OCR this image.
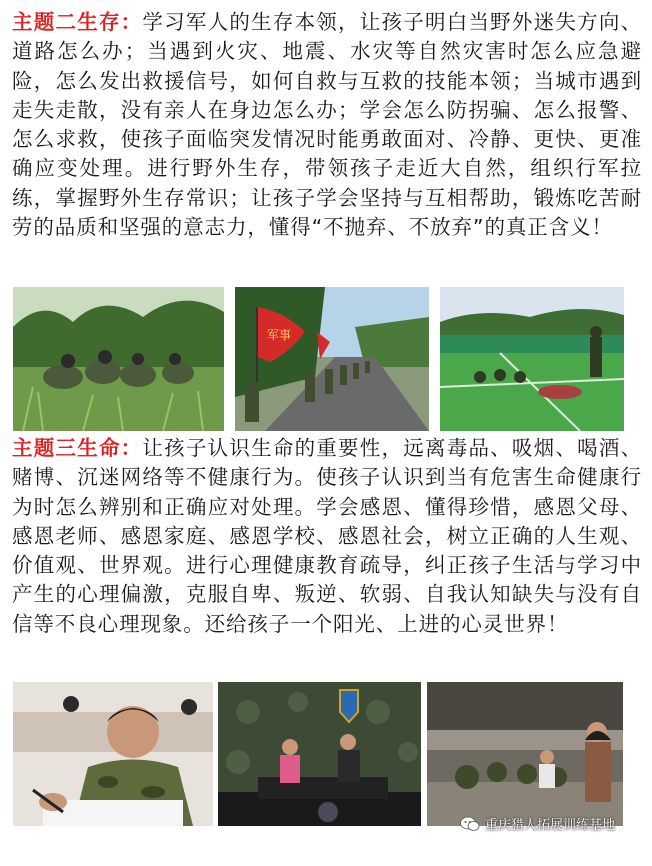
主题二生存：学习军人的生存本领，让孩子明白当野外迷失方向、道路怎么办；当遇到火灾、地震、水灾等自然灾害时怎么应急避险，怎么发出救援信号，如何自救与互救的技能本领；当城市遇到走失走散，没有亲人在身边怎么办；学会怎么防拐骗、怎么报警、怎么求救，使孩子面临突发情况时能勇敢面对、冷静、更快、更准确应变处理。进行野外生存，带领孩子走近大自然，组织行军拉练，掌握野外生存常识；让孩子学会坚持与互相帮助，锻炼吃苦耐劳的品质和坚强的意志力，懂得“不抛弃、不放弃”的真正含义！

军事

主题三生命：让孩子认识生命的重要性，远离毒品、吸烟、喝酒、赌博、沉迷网络等不健康行为。使孩子认识到当有危害生命健康行为时怎么辨别和正确应对处理。学会感恩、懂得珍惜，感恩父母、感恩老师、感恩家庭、感恩学校、感恩社会，树立正确的人生观、价值观、世界观。进行心理健康教育疏导，纠正孩子生活与学习中产生的心理偏激，克服自卑、叛逆、软弱、自我认知缺失与没有自信等不良心理现象。还给孩子一个阳光、上进的心灵世界！

重庆猎人拓展训练基地
